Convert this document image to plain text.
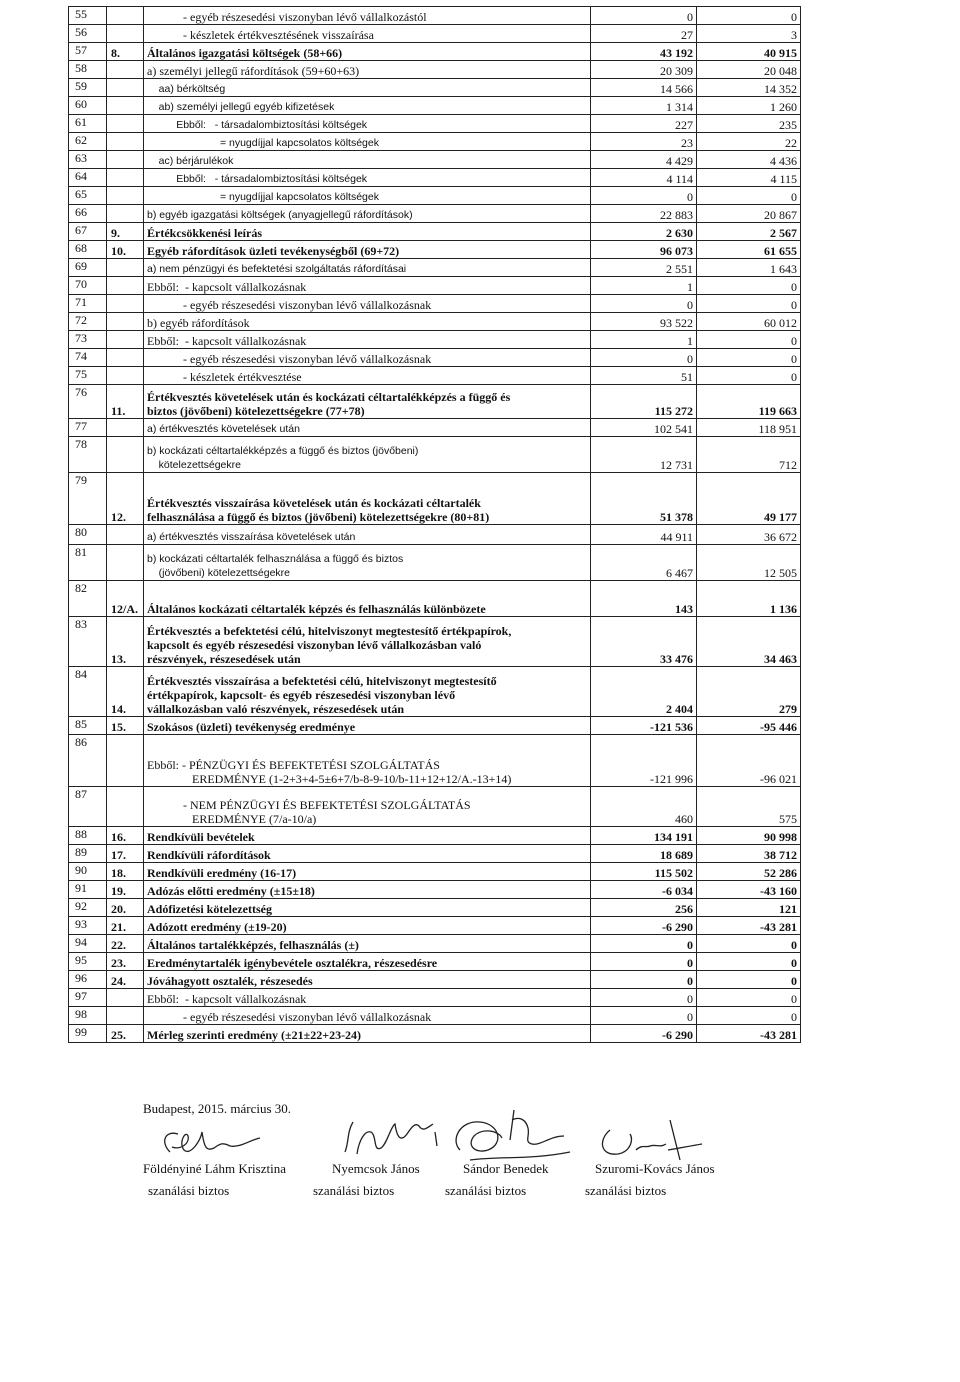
55		- egyéb részesedési viszonyban lévő vállalkozástól	0	0
56		- készletek értékvesztésének visszaírása	27	3
57	8.	Általános igazgatási költségek (58+66)	43 192	40 915
58		a) személyi jellegű ráfordítások (59+60+63)	20 309	20 048
59		aa) bérköltség	14 566	14 352
60		ab) személyi jellegű egyéb kifizetések	1 314	1 260
61		Ebből:   - társadalombiztosítási költségek	227	235
62		= nyugdíjjal kapcsolatos költségek	23	22
63		ac) bérjárulékok	4 429	4 436
64		Ebből:   - társadalombiztosítási költségek	4 114	4 115
65		= nyugdíjjal kapcsolatos költségek	0	0
66		b) egyéb igazgatási költségek (anyagjellegű ráfordítások)	22 883	20 867
67	9.	Értékcsökkenési leírás	2 630	2 567
68	10.	Egyéb ráfordítások üzleti tevékenységből (69+72)	96 073	61 655
69		a) nem pénzügyi és befektetési szolgáltatás ráfordításai	2 551	1 643
70		Ebből:  - kapcsolt vállalkozásnak	1	0
71		- egyéb részesedési viszonyban lévő vállalkozásnak	0	0
72		b) egyéb ráfordítások	93 522	60 012
73		Ebből:  - kapcsolt vállalkozásnak	1	0
74		- egyéb részesedési viszonyban lévő vállalkozásnak	0	0
75		- készletek értékvesztése	51	0
76	11.	Értékvesztés követelések után és kockázati céltartalékképzés a függő és
biztos (jövőbeni) kötelezettségekre (77+78)	115 272	119 663
77		a) értékvesztés követelések után	102 541	118 951
78		b) kockázati céltartalékképzés a függő és biztos (jövőbeni)
kötelezettségekre	12 731	712
79	12.	Értékvesztés visszaírása követelések után és kockázati céltartalék
felhasználása a függő és biztos (jövőbeni) kötelezettségekre (80+81)	51 378	49 177
80		a) értékvesztés visszaírása követelések után	44 911	36 672
81		b) kockázati céltartalék felhasználása a függő és biztos
(jövőbeni) kötelezettségekre	6 467	12 505
82	12/A.	Általános kockázati céltartalék képzés és felhasználás különbözete	143	1 136
83	13.	Értékvesztés a befektetési célú, hitelviszonyt megtestesítő értékpapírok,
kapcsolt és egyéb részesedési viszonyban lévő vállalkozásban való
részvények, részesedések után	33 476	34 463
84	14.	Értékvesztés visszaírása a befektetési célú, hitelviszonyt megtestesítő
értékpapírok, kapcsolt- és egyéb részesedési viszonyban lévő
vállalkozásban való részvények, részesedések után	2 404	279
85	15.	Szokásos (üzleti) tevékenység eredménye	-121 536	-95 446
86		
Ebből: - PÉNZÜGYI ÉS BEFEKTETÉSI SZOLGÁLTATÁS
EREDMÉNYE (1-2+3+4-5±6+7/b-8-9-10/b-11+12+12/A.-13+14)	-121 996	-96 021
87		- NEM PÉNZÜGYI ÉS BEFEKTETÉSI SZOLGÁLTATÁS
EREDMÉNYE (7/a-10/a)	460	575
88	16.	Rendkívüli bevételek	134 191	90 998
89	17.	Rendkívüli ráfordítások	18 689	38 712
90	18.	Rendkívüli eredmény (16-17)	115 502	52 286
91	19.	Adózás előtti eredmény (±15±18)	-6 034	-43 160
92	20.	Adófizetési kötelezettség	256	121
93	21.	Adózott eredmény (±19-20)	-6 290	-43 281
94	22.	Általános tartalékképzés, felhasználás (±)	0	0
95	23.	Eredménytartalék igénybevétele osztalékra, részesedésre	0	0
96	24.	Jóváhagyott osztalék, részesedés	0	0
97		Ebből:  - kapcsolt vállalkozásnak	0	0
98		- egyéb részesedési viszonyban lévő vállalkozásnak	0	0
99	25.	Mérleg szerinti eredmény (±21±22+23-24)	-6 290	-43 281
Budapest, 2015. március 30.
Földényiné Láhm Krisztina
szanálási biztos
Nyemcsok János
szanálási biztos
Sándor Benedek
szanálási biztos
Szuromi-Kovács János
szanálási biztos
